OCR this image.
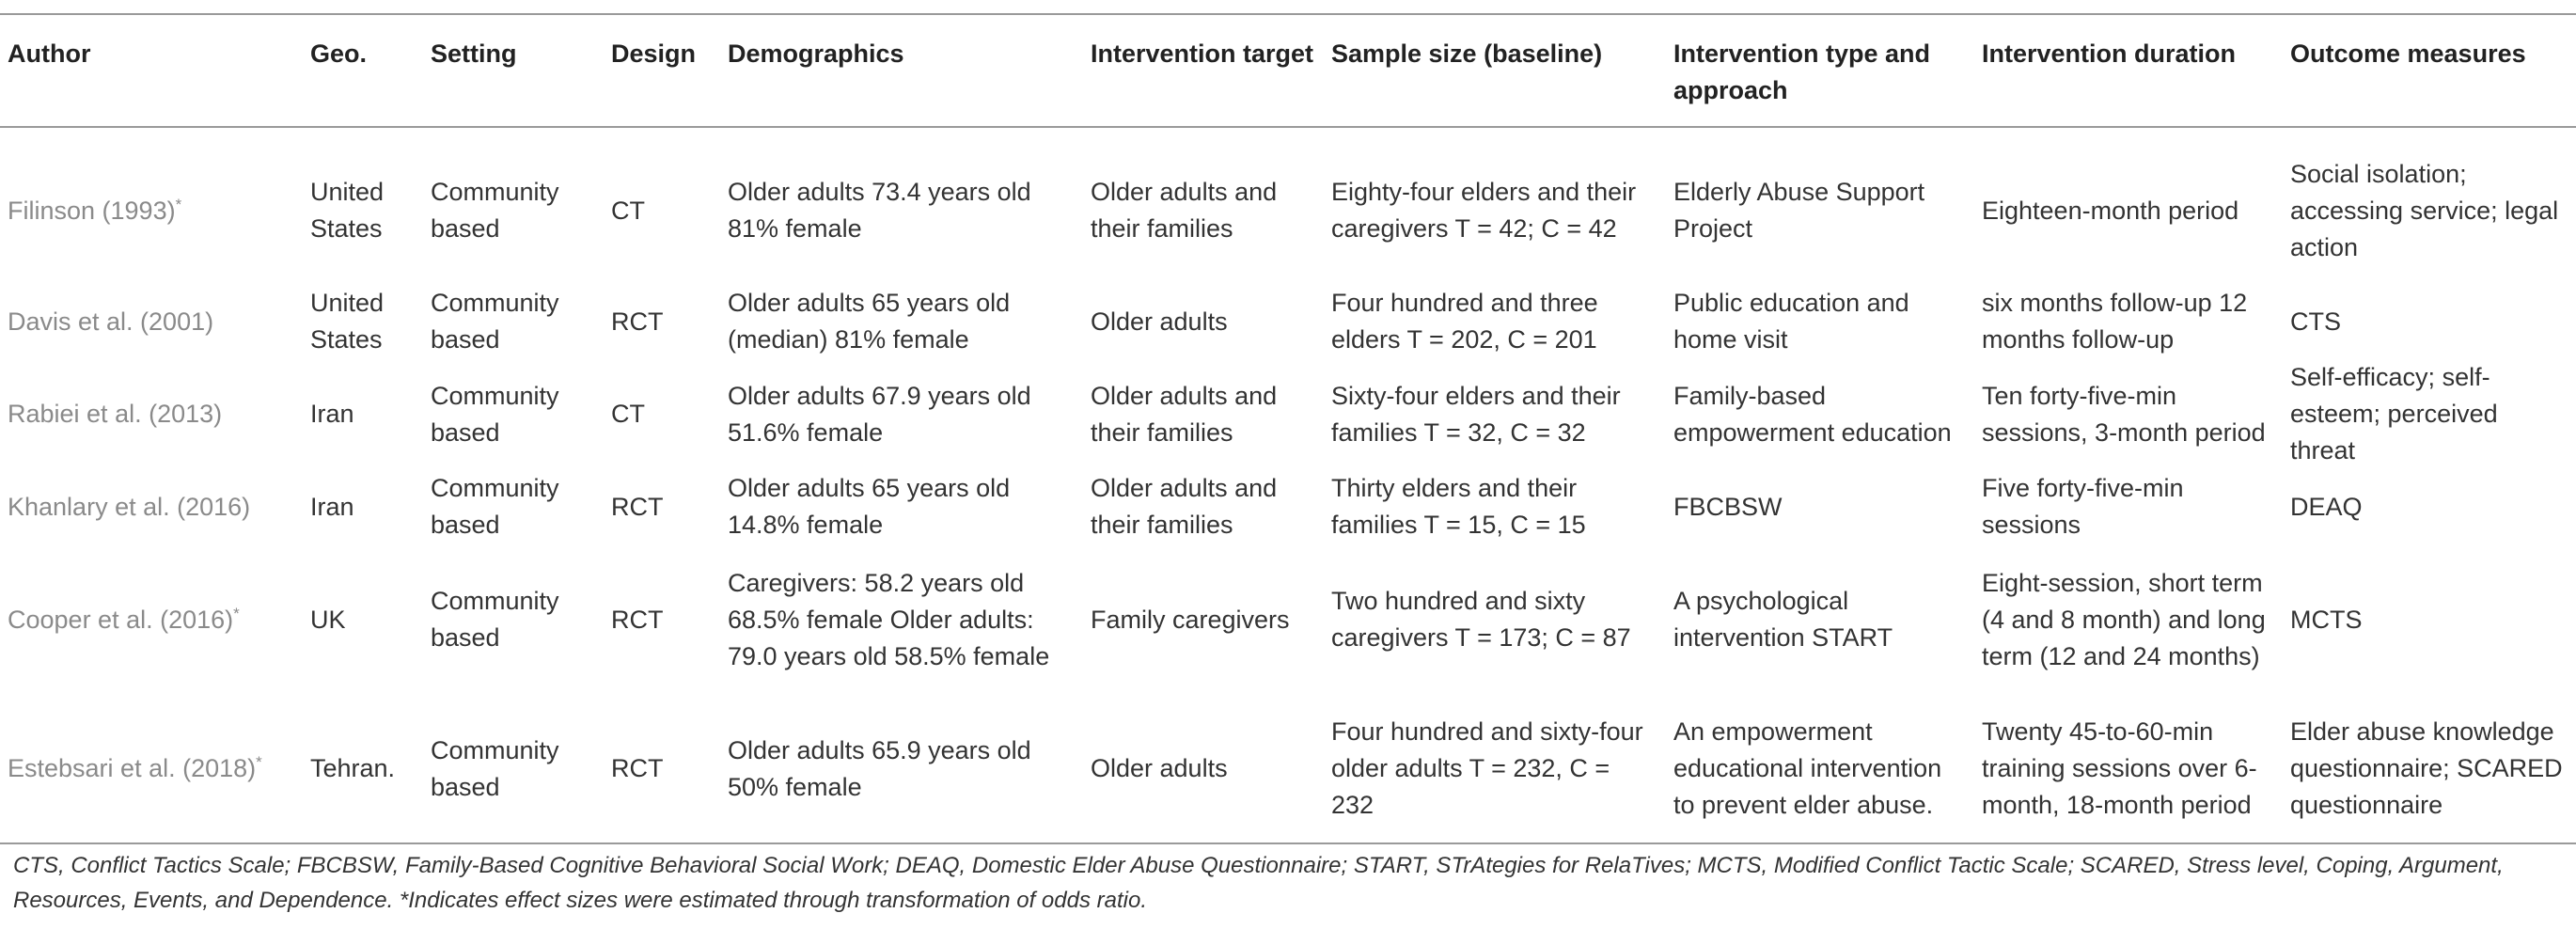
Author	Geo.	Setting	Design	Demographics	Intervention target	Sample size (baseline)	Intervention type and approach	Intervention duration	Outcome measures
Filinson (1993)*	United States	Community based	CT	Older adults 73.4 years old 81% female	Older adults and their families	Eighty-four elders and their caregivers T = 42; C = 42	Elderly Abuse Support Project	Eighteen-month period	Social isolation; accessing service; legal action
Davis et al. (2001)	United States	Community based	RCT	Older adults 65 years old (median) 81% female	Older adults	Four hundred and three elders T = 202, C = 201	Public education and home visit	six months follow-up 12 months follow-up	CTS
Rabiei et al. (2013)	Iran	Community based	CT	Older adults 67.9 years old 51.6% female	Older adults and their families	Sixty-four elders and their families T = 32, C = 32	Family-based empowerment education	Ten forty-five-min sessions, 3-month period	Self-efficacy; self-esteem; perceived threat
Khanlary et al. (2016)	Iran	Community based	RCT	Older adults 65 years old 14.8% female	Older adults and their families	Thirty elders and their families T = 15, C = 15	FBCBSW	Five forty-five-min sessions	DEAQ
Cooper et al. (2016)*	UK	Community based	RCT	Caregivers: 58.2 years old 68.5% female Older adults: 79.0 years old 58.5% female	Family caregivers	Two hundred and sixty caregivers T = 173; C = 87	A psychological intervention START	Eight-session, short term (4 and 8 month) and long term (12 and 24 months)	MCTS
Estebsari et al. (2018)*	Tehran.	Community based	RCT	Older adults 65.9 years old 50% female	Older adults	Four hundred and sixty-four older adults T = 232, C = 232	An empowerment educational intervention to prevent elder abuse.	Twenty 45-to-60-min training sessions over 6-month, 18-month period	Elder abuse knowledge questionnaire; SCARED questionnaire
CTS, Conflict Tactics Scale; FBCBSW, Family-Based Cognitive Behavioral Social Work; DEAQ, Domestic Elder Abuse Questionnaire; START, STrAtegies for RelaTives; MCTS, Modified Conflict Tactic Scale; SCARED, Stress level, Coping, Argument, Resources, Events, and Dependence. *Indicates effect sizes were estimated through transformation of odds ratio.
